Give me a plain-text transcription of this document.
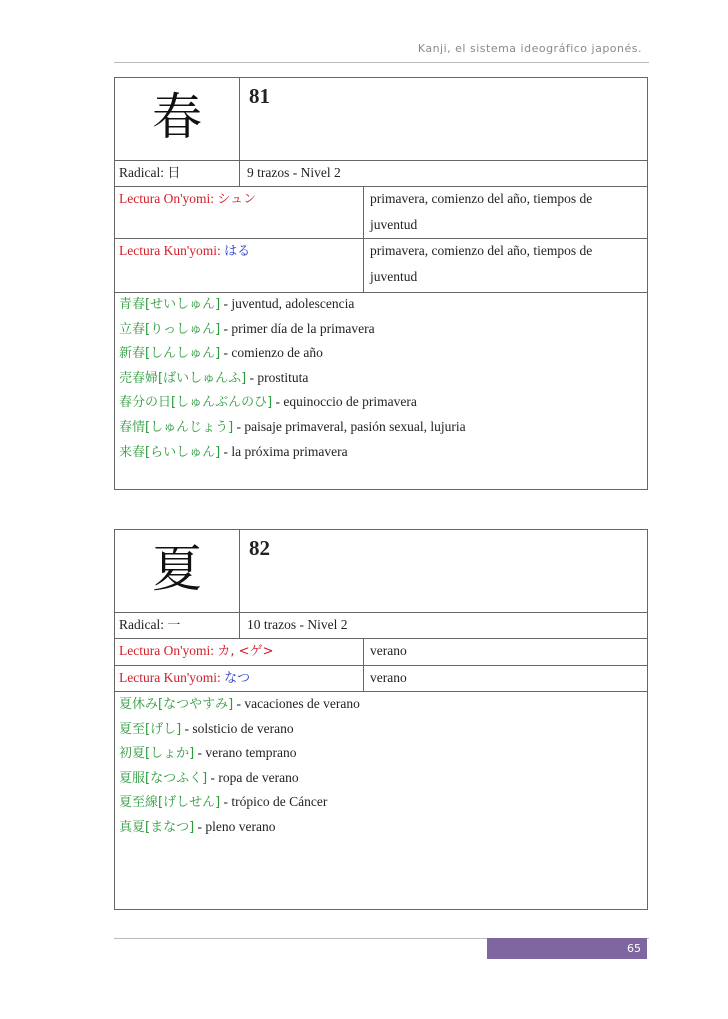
Kanji, el sistema ideográfico japonés.
春	81
Radical: 日	9 trazos - Nivel 2
Lectura On'yomi: シュン	primavera, comienzo del año, tiempos de juventud
Lectura Kun'yomi: はる	primavera, comienzo del año, tiempos de juventud
青春[せいしゅん] - juventud, adolescencia
立春[りっしゅん] - primer día de la primavera
新春[しんしゅん] - comienzo de año
売春婦[ばいしゅんふ] - prostituta
春分の日[しゅんぶんのひ] - equinoccio de primavera
春情[しゅんじょう] - paisaje primaveral, pasión sexual, lujuria
来春[らいしゅん] - la próxima primavera
夏	82
Radical: 一	10 trazos - Nivel 2
Lectura On'yomi: カ, <ゲ>	verano
Lectura Kun'yomi: なつ	verano
夏休み[なつやすみ] - vacaciones de verano
夏至[げし] - solsticio de verano
初夏[しょか] - verano temprano
夏服[なつふく] - ropa de verano
夏至線[げしせん] - trópico de Cáncer
真夏[まなつ] - pleno verano
65
